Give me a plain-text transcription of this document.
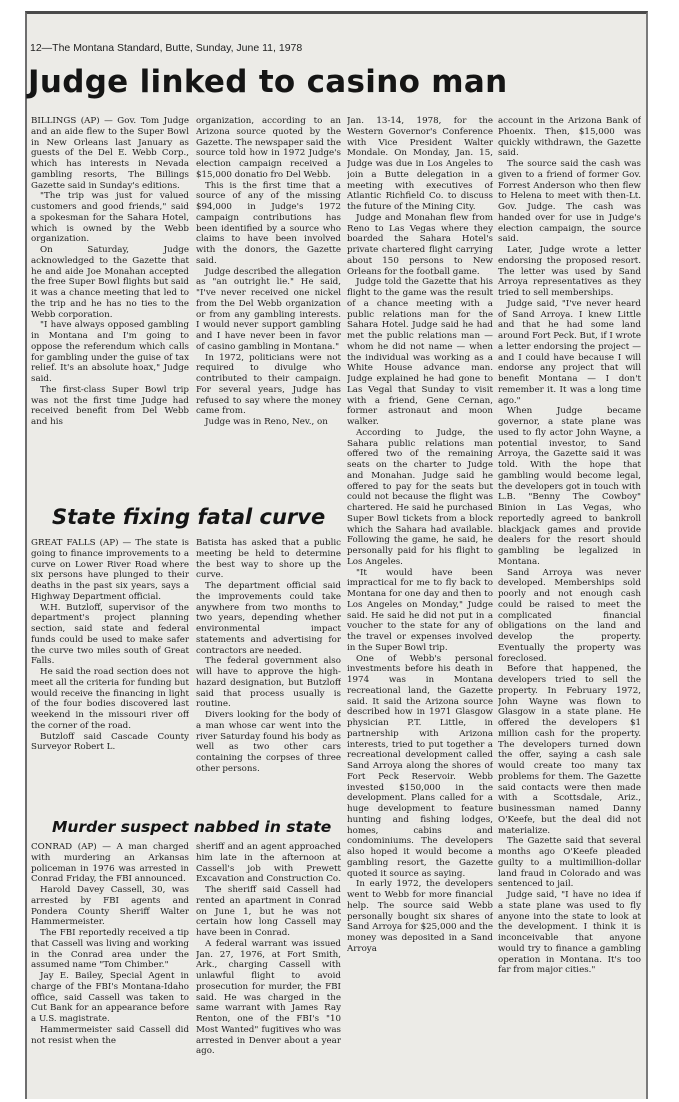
12—The Montana Standard, Butte, Sunday, June 11, 1978
Judge linked to casino man

BILLINGS (AP) — Gov. Tom Judge and an aide flew to the Super Bowl in New Orleans last January as guests of the Del E. Webb Corp., which has interests in Nevada gambling resorts, The Billings Gazette said in Sunday's editions.

"The trip was just for valued customers and good friends," said a spokesman for the Sahara Hotel, which is owned by the Webb organization.

On Saturday, Judge acknowledged to the Gazette that he and aide Joe Monahan accepted the free Super Bowl flights but said it was a chance meeting that led to the trip and he has no ties to the Webb corporation.

"I have always opposed gambling in Montana and I'm going to oppose the referendum which calls for gambling under the guise of tax relief. It's an absolute hoax," Judge said.

The first-class Super Bowl trip was not the first time Judge had received benefit from Del Webb and his

organization, according to an Arizona source quoted by the Gazette. The newspaper said the source told how in 1972 Judge's election campaign received a $15,000 donatio fro Del Webb.

This is the first time that a source of any of the missing $94,000 in Judge's 1972 campaign contributions has been identified by a source who claims to have been involved with the donors, the Gazette said.

Judge described the allegation as "an outright lie." He said, "I've never received one nickel from the Del Webb organization or from any gambling interests. I would never support gambling and I have never been in favor of casino gambling in Montana."

In 1972, politicians were not required to divulge who contributed to their campaign. For several years, Judge has refused to say where the money came from.

Judge was in Reno, Nev., on

Jan. 13-14, 1978, for the Western Governor's Conference with Vice President Walter Mondale. On Monday, Jan. 15, Judge was due in Los Angeles to join a Butte delegation in a meeting with executives of Atlantic Richfield Co. to discuss the future of the Mining City.

Judge and Monahan flew from Reno to Las Vegas where they boarded the Sahara Hotel's private chartered flight carrying about 150 persons to New Orleans for the football game.

Judge told the Gazette that his flight to the game was the result of a chance meeting with a public relations man for the Sahara Hotel. Judge said he had met the public relations man — whom he did not name — when the individual was working as a White House advance man. Judge explained he had gone to Las Vegal that Sunday to visit with a friend, Gene Cernan, former astronaut and moon walker.

According to Judge, the Sahara public relations man offered two of the remaining seats on the charter to Judge and Monahan. Judge said he offered to pay for the seats but could not because the flight was chartered. He said he purchased Super Bowl tickets from a block which the Sahara had available. Following the game, he said, he personally paid for his flight to Los Angeles.

"It would have been impractical for me to fly back to Montana for one day and then to Los Angeles on Monday," Judge said. He said he did not put in a voucher to the state for any of the travel or expenses involved in the Super Bowl trip.

One of Webb's personal investments before his death in 1974 was in Montana recreational land, the Gazette said. It said the Arizona source described how in 1971 Glasgow physician P.T. Little, in partnership with Arizona interests, tried to put together a recreational development called Sand Arroya along the shores of Fort Peck Reservoir. Webb invested $150,000 in the development. Plans called for a huge development to feature hunting and fishing lodges, homes, cabins and condominiums. The developers also hoped it would become a gambling resort, the Gazette quoted it source as saying.

In early 1972, the developers went to Webb for more financial help. The source said Webb personally bought six shares of Sand Arroya for $25,000 and the money was deposited in a Sand Arroya

account in the Arizona Bank of Phoenix. Then, $15,000 was quickly withdrawn, the Gazette said.

The source said the cash was given to a friend of former Gov. Forrest Anderson who then flew to Helena to meet with then-Lt. Gov. Judge. The cash was handed over for use in Judge's election campaign, the source said.

Later, Judge wrote a letter endorsing the proposed resort. The letter was used by Sand Arroya representatives as they tried to sell memberships.

Judge said, "I've never heard of Sand Arroya. I knew Little and that he had some land around Fort Peck. But, if I wrote a letter endorsing the project — and I could have because I will endorse any project that will benefit Montana — I don't remember it. It was a long time ago."

When Judge became governor, a state plane was used to fly actor John Wayne, a potential investor, to Sand Arroya, the Gazette said it was told. With the hope that gambling would become legal, the developers got in touch with L.B. "Benny The Cowboy" Binion in Las Vegas, who reportedly agreed to bankroll blackjack games and provide dealers for the resort should gambling be legalized in Montana.

Sand Arroya was never developed. Memberships sold poorly and not enough cash could be raised to meet the complicated financial obligations on the land and develop the property. Eventually the property was foreclosed.

Before that happened, the developers tried to sell the property. In February 1972, John Wayne was flown to Glasgow in a state plane. He offered the developers $1 million cash for the property. The developers turned down the offer, saying a cash sale would create too many tax problems for them. The Gazette said contacts were then made with a Scottsdale, Ariz., businessman named Danny O'Keefe, but the deal did not materialize.

The Gazette said that several months ago O'Keefe pleaded guilty to a multimillion-dollar land fraud in Colorado and was sentenced to jail.

Judge said, "I have no idea if a state plane was used to fly anyone into the state to look at the development. I think it is inconceivable that anyone would try to finance a gambling operation in Montana. It's too far from major cities."

State fixing fatal curve

GREAT FALLS (AP) — The state is going to finance improvements to a curve on Lower River Road where six persons have plunged to their deaths in the past six years, says a Highway Department official.

W.H. Butzloff, supervisor of the department's project planning section, said state and federal funds could be used to make safer the curve two miles south of Great Falls.

He said the road section does not meet all the criteria for funding but would receive the financing in light of the four bodies discovered last weekend in the missouri river off the corner of the road.

Butzloff said Cascade County Surveyor Robert L.

Batista has asked that a public meeting be held to determine the best way to shore up the curve.

The department official said the improvements could take anywhere from two months to two years, depending whether environmental impact statements and advertising for contractors are needed.

The federal government also will have to approve the high-hazard designation, but Butzloff said that process usually is routine.

Divers looking for the body of a man whose car went into the river Saturday found his body as well as two other cars containing the corpses of three other persons.

Murder suspect nabbed in state

CONRAD (AP) — A man charged with murdering an Arkansas policeman in 1976 was arrested in Conrad Friday, the FBI announced.

Harold Davey Cassell, 30, was arrested by FBI agents and Pondera County Sheriff Walter Hammermeister.

The FBI reportedly received a tip that Cassell was living and working in the Conrad area under the assumed name "Tom Chimber."

Jay E. Bailey, Special Agent in charge of the FBI's Montana-Idaho office, said Cassell was taken to Cut Bank for an appearance before a U.S. magistrate.

Hammermeister said Cassell did not resist when the

sheriff and an agent approached him late in the afternoon at Cassell's job with Prewett Excavation and Construction Co.

The sheriff said Cassell had rented an apartment in Conrad on June 1, but he was not certain how long Cassell may have been in Conrad.

A federal warrant was issued Jan. 27, 1976, at Fort Smith, Ark., charging Cassell with unlawful flight to avoid prosecution for murder, the FBI said. He was charged in the same warrant with James Ray Renton, one of the FBI's "10 Most Wanted" fugitives who was arrested in Denver about a year ago.
